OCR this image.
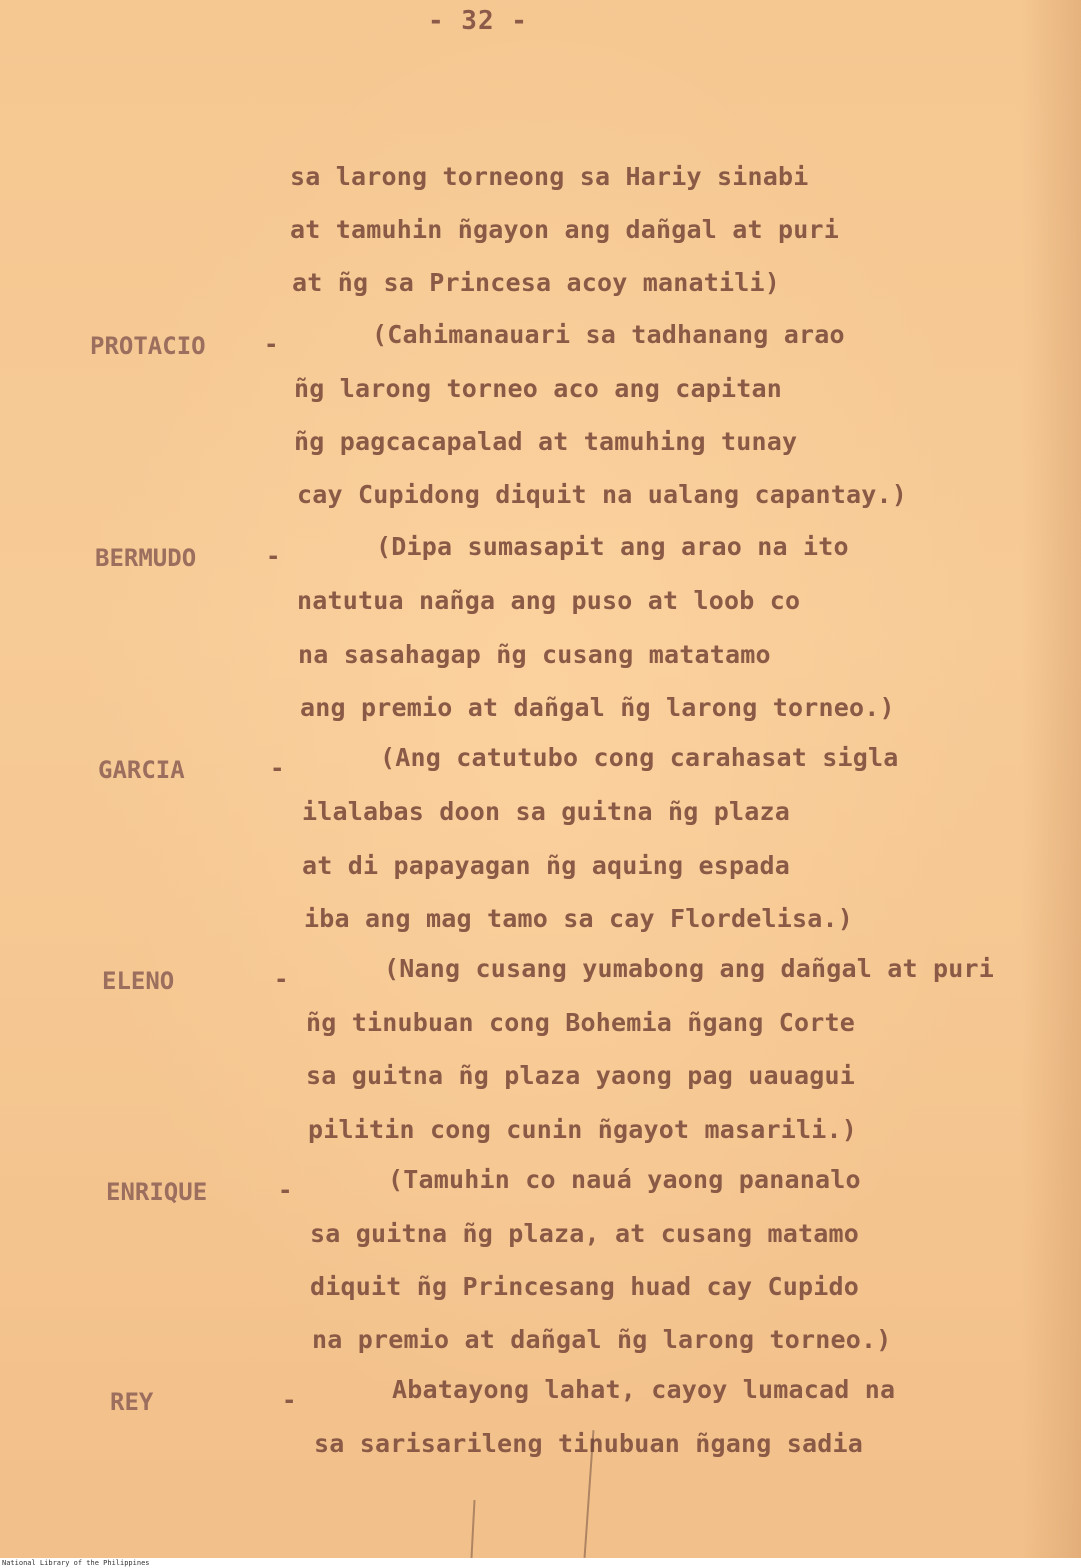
- 32 -
sa larong torneong sa Hariy sinabi
at tamuhin ñgayon ang dañgal at puri
at ñg sa Princesa acoy manatili)
PROTACIO -	(Cahimanauari sa tadhanang arao
ñg larong torneo aco ang capitan
ñg pagcacapalad at tamuhing tunay
cay Cupidong diquit na ualang capantay.)
BERMUDO	-	(Dipa sumasapit ang arao na ito
natutua nañga ang puso at loob co
na sasahagap ñg cusang matatamo
ang premio at dañgal ñg larong torneo.)
GARCIA	-	(Ang catutubo cong carahasat sigla
ilalabas doon sa guitna ñg plaza
at di papayagan ñg aquing espada
iba ang mag tamo sa cay Flordelisa.)
ELENO	-	(Nang cusang yumabong ang dañgal at puri
ñg tinubuan cong Bohemia ñgang Corte
sa guitna ñg plaza yaong pag uauagui
pilitin cong cunin ñgayot masarili.)
ENRIQUE	-	(Tamuhin co nauá yaong pananalo
sa guitna ñg plaza, at cusang matamo
diquit ñg Princesang huad cay Cupido
na premio at dañgal ñg larong torneo.)
REY	-	Abatayong lahat, cayoy lumacad na
sa sarisarileng tinubuan ñgang sadia
National Library of the Philippines
